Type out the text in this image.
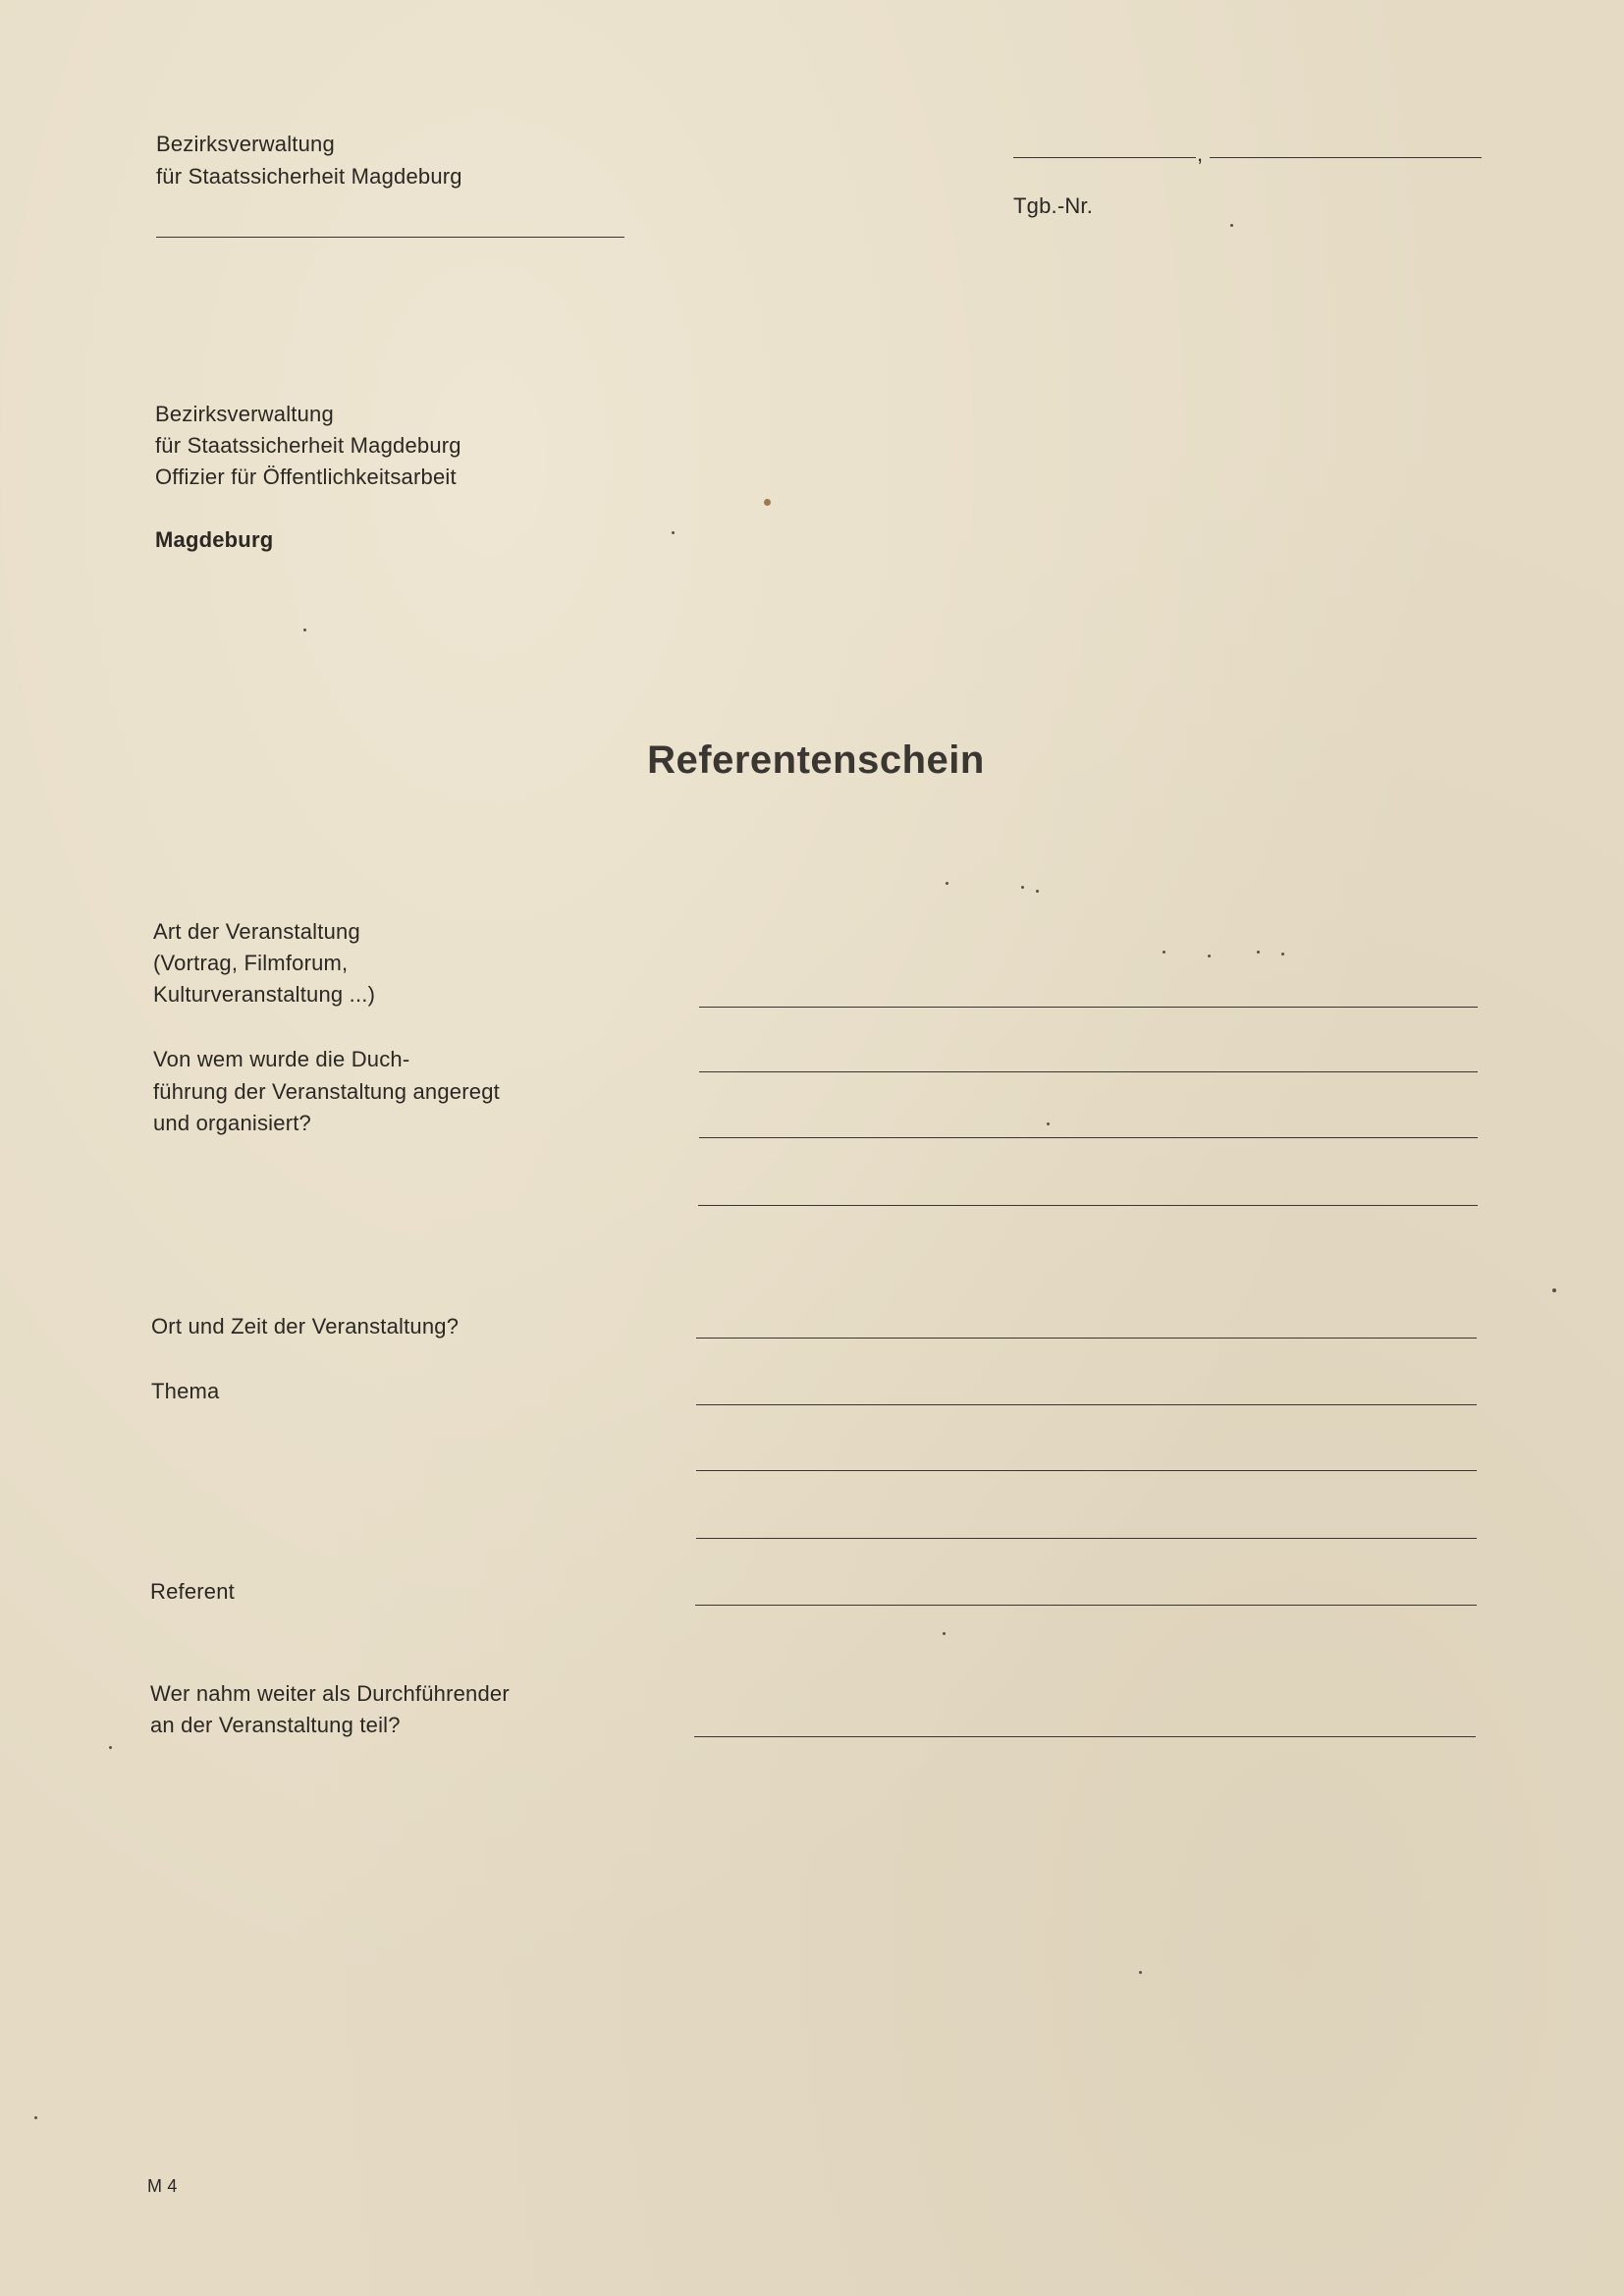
Bezirksverwaltung
für Staatssicherheit Magdeburg
,
Tgb.-Nr.
Bezirksverwaltung
für Staatssicherheit Magdeburg
Offizier für Öffentlichkeitsarbeit
Magdeburg
Referentenschein
Art der Veranstaltung
(Vortrag, Filmforum,
Kulturveranstaltung ...)
Von wem wurde die Duch-
führung der Veranstaltung angeregt
und organisiert?
Ort und Zeit der Veranstaltung?
Thema
Referent
Wer nahm weiter als Durchführender
an der Veranstaltung teil?
M 4
